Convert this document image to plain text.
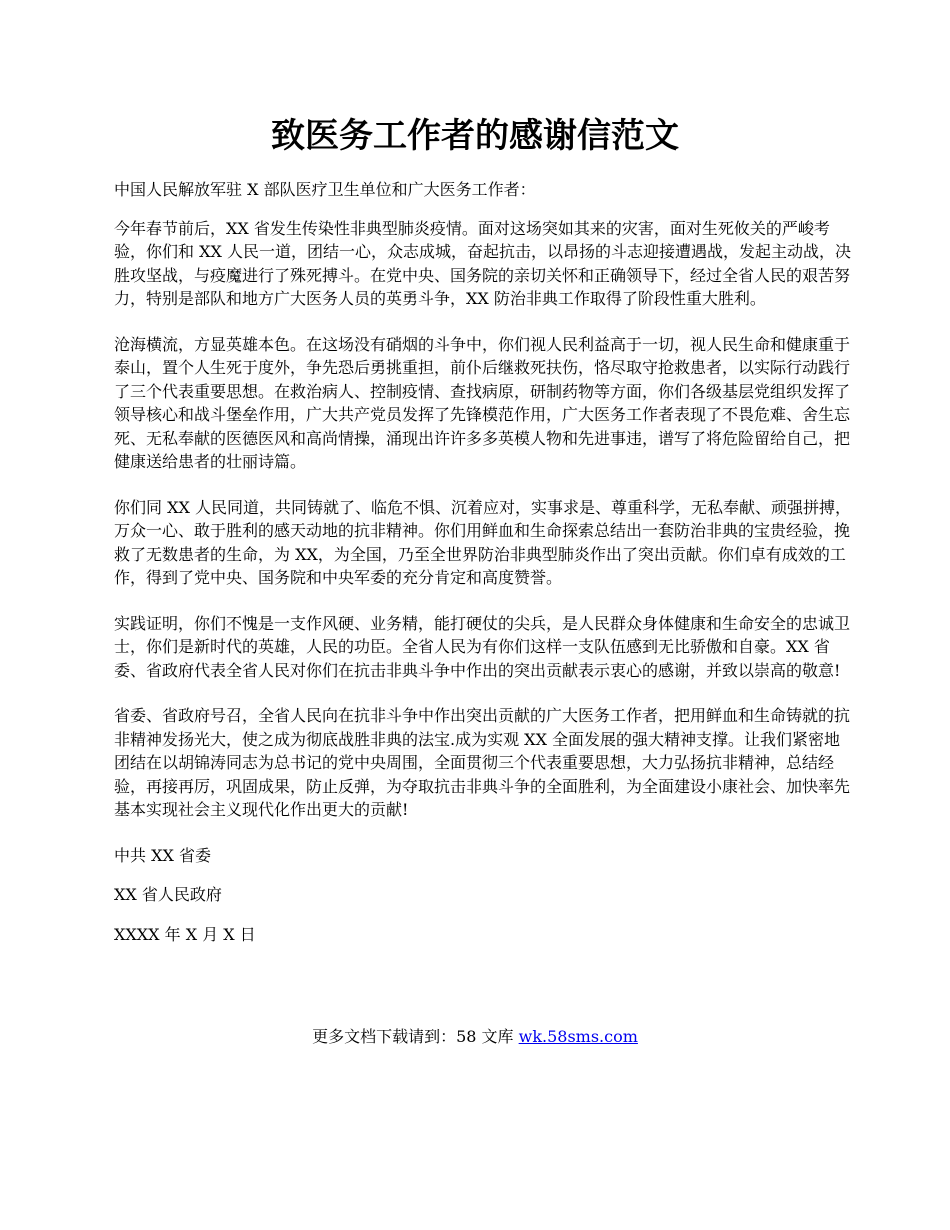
致医务工作者的感谢信范文

中国人民解放军驻 X 部队医疗卫生单位和广大医务工作者：

今年春节前后，XX 省发生传染性非典型肺炎疫情。面对这场突如其来的灾害，面对生死攸关的严峻考验，你们和 XX 人民一道，团结一心，众志成城，奋起抗击，以昂扬的斗志迎接遭遇战，发起主动战，决胜攻坚战，与疫魔进行了殊死搏斗。在党中央、国务院的亲切关怀和正确领导下，经过全省人民的艰苦努力，特别是部队和地方广大医务人员的英勇斗争，XX 防治非典工作取得了阶段性重大胜利。

沧海横流，方显英雄本色。在这场没有硝烟的斗争中，你们视人民利益高于一切，视人民生命和健康重于泰山，置个人生死于度外，争先恐后勇挑重担，前仆后继救死扶伤，恪尽取守抢救患者，以实际行动践行了三个代表重要思想。在救治病人、控制疫情、查找病原，研制药物等方面，你们各级基层党组织发挥了领导核心和战斗堡垒作用，广大共产党员发挥了先锋模范作用，广大医务工作者表现了不畏危难、舍生忘死、无私奉献的医德医风和高尚情操，涌现出许许多多英模人物和先进事违，谱写了将危险留给自己，把健康送给患者的壮丽诗篇。

你们同 XX 人民同道，共同铸就了、临危不惧、沉着应对，实事求是、尊重科学，无私奉献、顽强拼搏，万众一心、敢于胜利的感天动地的抗非精神。你们用鲜血和生命探索总结出一套防治非典的宝贵经验，挽救了无数患者的生命，为 XX，为全国，乃至全世界防治非典型肺炎作出了突出贡献。你们卓有成效的工作，得到了党中央、国务院和中央军委的充分肯定和高度赞誉。

实践证明，你们不愧是一支作风硬、业务精，能打硬仗的尖兵，是人民群众身体健康和生命安全的忠诚卫士，你们是新时代的英雄，人民的功臣。全省人民为有你们这样一支队伍感到无比骄傲和自豪。XX 省委、省政府代表全省人民对你们在抗击非典斗争中作出的突出贡献表示衷心的感谢，并致以崇高的敬意!

省委、省政府号召，全省人民向在抗非斗争中作出突出贡献的广大医务工作者，把用鲜血和生命铸就的抗非精神发扬光大，使之成为彻底战胜非典的法宝.成为实观 XX 全面发展的强大精神支撑。让我们紧密地团结在以胡锦涛同志为总书记的党中央周围，全面贯彻三个代表重要思想，大力弘扬抗非精神，总结经验，再接再厉，巩固成果，防止反弹，为夺取抗击非典斗争的全面胜利，为全面建设小康社会、加快率先基本实现社会主义现代化作出更大的贡献!

中共 XX 省委

XX 省人民政府

XXXX 年 X 月 X 日

更多文档下载请到：58 文库 wk.58sms.com
